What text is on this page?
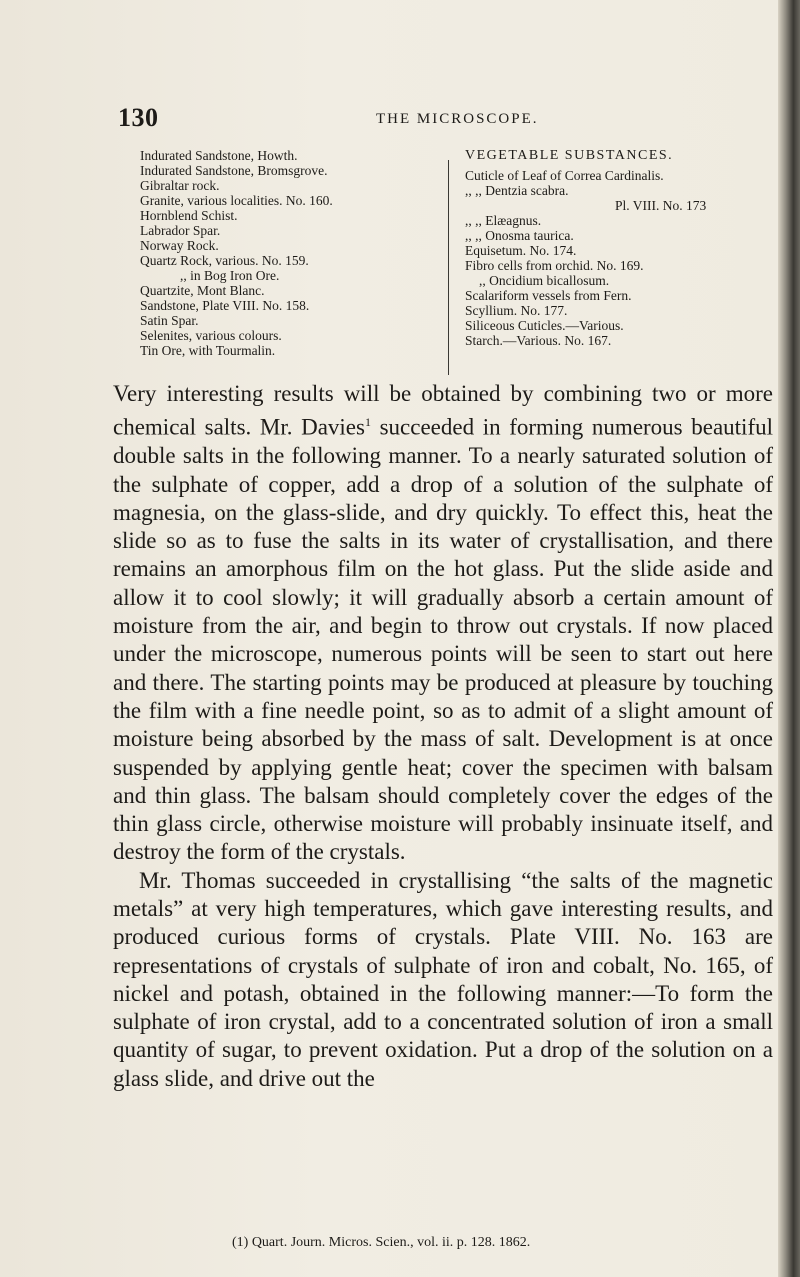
130	THE MICROSCOPE.
Indurated Sandstone, Howth.
Indurated Sandstone, Bromsgrove.
Gibraltar rock.
Granite, various localities. No. 160.
Hornblend Schist.
Labrador Spar.
Norway Rock.
Quartz Rock, various. No. 159.
,, in Bog Iron Ore.
Quartzite, Mont Blanc.
Sandstone, Plate VIII. No. 158.
Satin Spar.
Selenites, various colours.
Tin Ore, with Tourmalin.
VEGETABLE SUBSTANCES.
Cuticle of Leaf of Correa Cardinalis.
,, ,, Dentzia scabra.
Pl. VIII. No. 173
,, ,, Elæagnus.
,, ,, Onosma taurica.
Equisetum. No. 174.
Fibro cells from orchid. No. 169.
,, Oncidium bicallosum.
Scalariform vessels from Fern.
Scyllium. No. 177.
Siliceous Cuticles.—Various.
Starch.—Various. No. 167.

Very interesting results will be obtained by combining two or more chemical salts. Mr. Davies$^1$ succeeded in forming numerous beautiful double salts in the following manner. To a nearly saturated solution of the sulphate of copper, add a drop of a solution of the sulphate of magnesia, on the glass-slide, and dry quickly. To effect this, heat the slide so as to fuse the salts in its water of crystallisation, and there remains an amorphous film on the hot glass. Put the slide aside and allow it to cool slowly; it will gradually absorb a certain amount of moisture from the air, and begin to throw out crystals. If now placed under the microscope, numerous points will be seen to start out here and there. The starting points may be produced at pleasure by touching the film with a fine needle point, so as to admit of a slight amount of moisture being absorbed by the mass of salt. Development is at once suspended by applying gentle heat; cover the specimen with balsam and thin glass. The balsam should completely cover the edges of the thin glass circle, otherwise moisture will probably insinuate itself, and destroy the form of the crystals.

Mr. Thomas succeeded in crystallising “the salts of the magnetic metals” at very high temperatures, which gave interesting results, and produced curious forms of crystals. Plate VIII. No. 163 are representations of crystals of sulphate of iron and cobalt, No. 165, of nickel and potash, obtained in the following manner:—To form the sulphate of iron crystal, add to a concentrated solution of iron a small quantity of sugar, to prevent oxidation. Put a drop of the solution on a glass slide, and drive out the

(1) Quart. Journ. Micros. Scien., vol. ii. p. 128. 1862.
